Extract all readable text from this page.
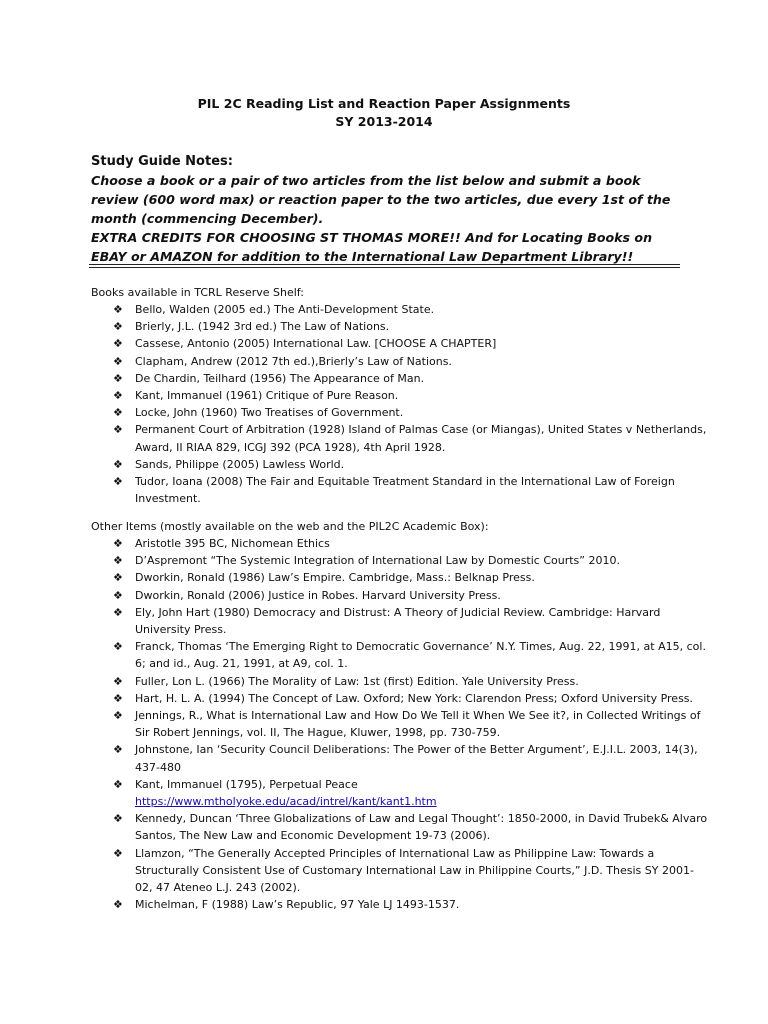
PIL 2C Reading List and Reaction Paper Assignments
SY 2013-2014
Study Guide Notes:
Choose a book or a pair of two articles from the list below and submit a book review (600 word max) or reaction paper to the two articles, due every 1st of the month (commencing December).
EXTRA CREDITS FOR CHOOSING ST THOMAS MORE!! And for Locating Books on EBAY or AMAZON for addition to the International Law Department Library!!
Books available in TCRL Reserve Shelf:
❖ Bello, Walden (2005 ed.) The Anti-Development State.
❖ Brierly, J.L. (1942 3rd ed.) The Law of Nations.
❖ Cassese, Antonio (2005) International Law. [CHOOSE A CHAPTER]
❖ Clapham, Andrew (2012 7th ed.),Brierly’s Law of Nations.
❖ De Chardin, Teilhard (1956) The Appearance of Man.
❖ Kant, Immanuel (1961) Critique of Pure Reason.
❖ Locke, John (1960) Two Treatises of Government.
❖ Permanent Court of Arbitration (1928) Island of Palmas Case (or Miangas), United States v Netherlands, Award, II RIAA 829, ICGJ 392 (PCA 1928), 4th April 1928.
❖ Sands, Philippe (2005) Lawless World.
❖ Tudor, Ioana (2008) The Fair and Equitable Treatment Standard in the International Law of Foreign Investment.
Other Items (mostly available on the web and the PIL2C Academic Box):
❖ Aristotle 395 BC, Nichomean Ethics
❖ D’Aspremont “The Systemic Integration of International Law by Domestic Courts” 2010.
❖ Dworkin, Ronald (1986) Law’s Empire. Cambridge, Mass.: Belknap Press.
❖ Dworkin, Ronald (2006) Justice in Robes. Harvard University Press.
❖ Ely, John Hart (1980) Democracy and Distrust: A Theory of Judicial Review. Cambridge: Harvard University Press.
❖ Franck, Thomas ‘The Emerging Right to Democratic Governance’ N.Y. Times, Aug. 22, 1991, at A15, col. 6; and id., Aug. 21, 1991, at A9, col. 1.
❖ Fuller, Lon L. (1966) The Morality of Law: 1st (first) Edition. Yale University Press.
❖ Hart, H. L. A. (1994) The Concept of Law. Oxford; New York: Clarendon Press; Oxford University Press.
❖ Jennings, R., What is International Law and How Do We Tell it When We See it?, in Collected Writings of Sir Robert Jennings, vol. II, The Hague, Kluwer, 1998, pp. 730-759.
❖ Johnstone, Ian ‘Security Council Deliberations: The Power of the Better Argument’, E.J.I.L. 2003, 14(3), 437-480
❖ Kant, Immanuel (1795), Perpetual Peace
https://www.mtholyoke.edu/acad/intrel/kant/kant1.htm
❖ Kennedy, Duncan ‘Three Globalizations of Law and Legal Thought’: 1850-2000, in David Trubek& Alvaro Santos, The New Law and Economic Development 19-73 (2006).
❖ Llamzon, “The Generally Accepted Principles of International Law as Philippine Law: Towards a Structurally Consistent Use of Customary International Law in Philippine Courts,” J.D. Thesis SY 2001-02, 47 Ateneo L.J. 243 (2002).
❖ Michelman, F (1988) Law’s Republic, 97 Yale LJ 1493-1537.
